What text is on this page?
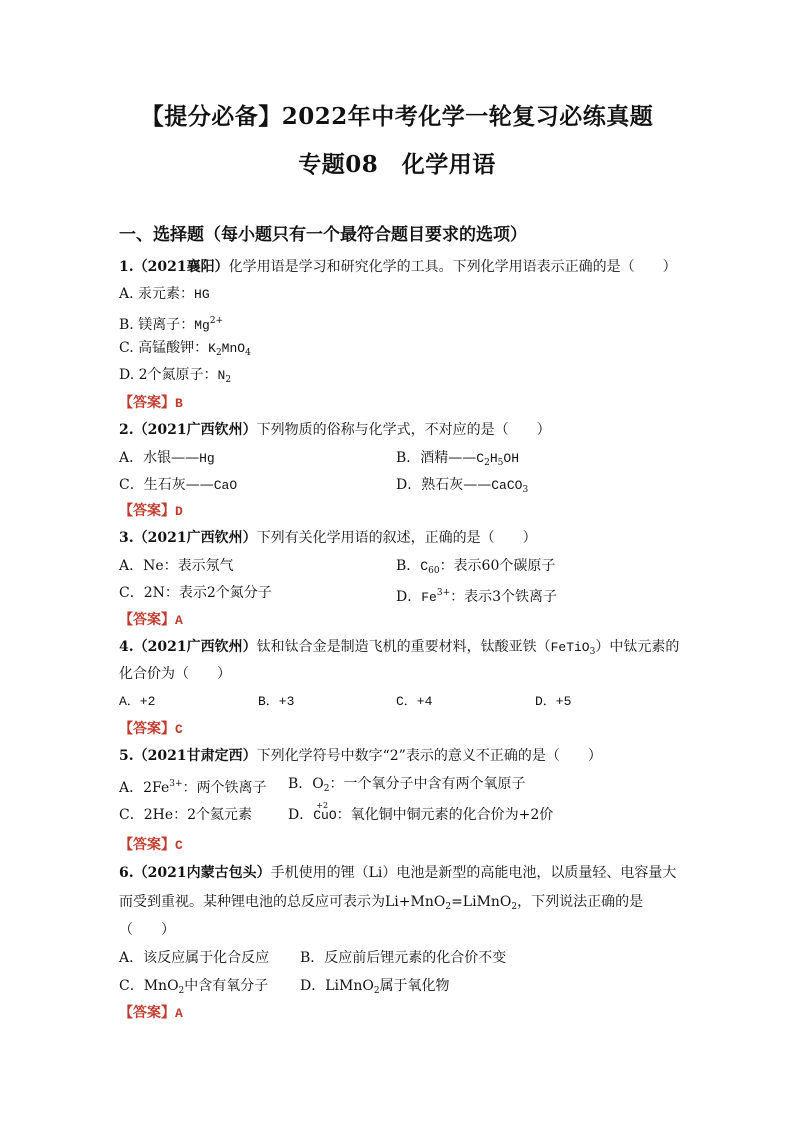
【提分必备】2022年中考化学一轮复习必练真题
专题08　化学用语
一、选择题（每小题只有一个最符合题目要求的选项）
1.（2021襄阳）化学用语是学习和研究化学的工具。下列化学用语表示正确的是（　　）
A. 汞元素：HG
B. 镁离子：$Mg^{2+}$
C. 高锰酸钾：$K_2MnO_4$
D. 2个氮原子：$N_2$
【答案】B
2.（2021广西钦州）下列物质的俗称与化学式，不对应的是（　　）
A．水银——Hg	B．酒精$——C_2H_5OH$
C．生石灰——CaO	D．熟石灰——CaCO$_3$
【答案】D
3.（2021广西钦州）下列有关化学用语的叙述，正确的是（　　）
A．Ne：表示氖气	B．$C_{60}$：表示60个碳原子
C．2N：表示2个氮分子	D．$Fe^{3+}$：表示3个铁离子
【答案】A
4.（2021广西钦州）钛和钛合金是制造飞机的重要材料，钛酸亚铁（FeTiO$_3$）中钛元素的
化合价为（　　）
A．+2	B．+3	C．+4	D．+5
【答案】C
5.（2021甘肃定西）下列化学符号中数字“2”表示的意义不正确的是（　　）
A．$2Fe^{3+}$：两个铁离子 B．$O_2$：一个氧分子中含有两个氧原子
C．2He：2个氦元素	D．
+2
CuO：氧化铜中铜元素的化合价为+2价
【答案】C
6.（2021内蒙古包头）手机使用的锂（Li）电池是新型的高能电池，以质量轻、电容量大
而受到重视。某种锂电池的总反应可表示为Li+MnO$_2$=LiMnO$_2$，下列说法正确的是
（　　）
A．该反应属于化合反应 B．反应前后锂元素的化合价不变
C．MnO$_2$中含有氧分子 D．LiMnO$_2$属于氧化物
【答案】A
